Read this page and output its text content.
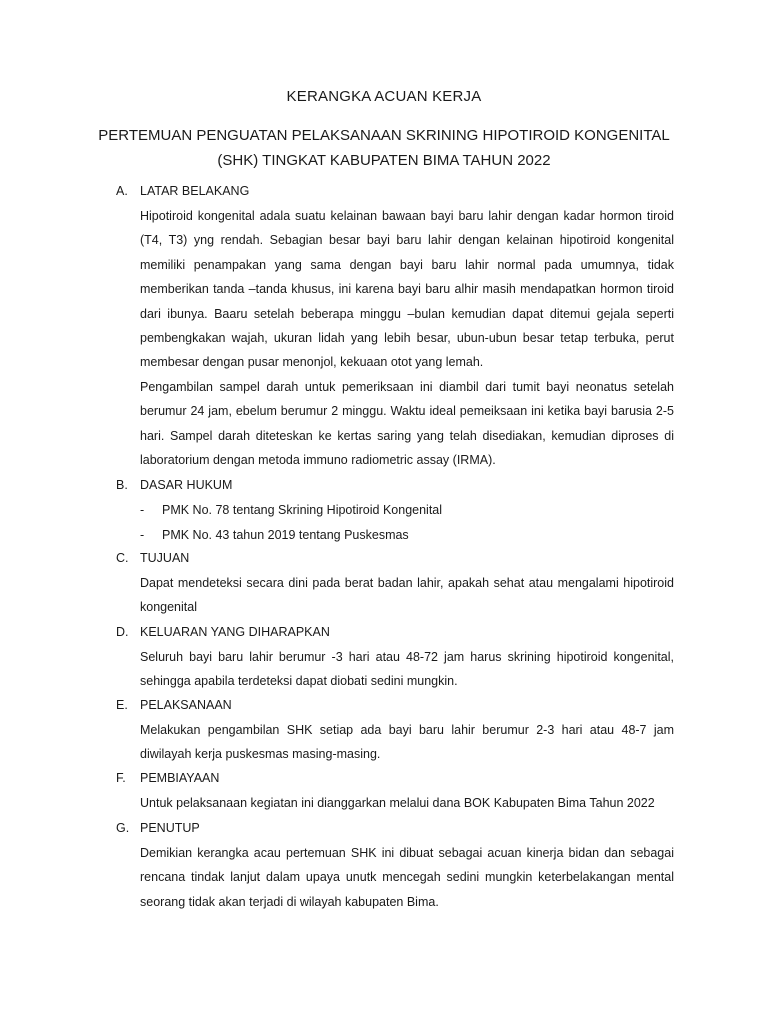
KERANGKA ACUAN KERJA
PERTEMUAN PENGUATAN PELAKSANAAN SKRINING HIPOTIROID KONGENITAL
(SHK) TINGKAT KABUPATEN BIMA TAHUN 2022
A. LATAR BELAKANG

Hipotiroid kongenital adala suatu kelainan bawaan bayi baru lahir dengan kadar hormon tiroid (T4, T3) yng rendah. Sebagian besar bayi baru lahir dengan kelainan hipotiroid kongenital memiliki penampakan yang sama dengan bayi baru lahir normal pada umumnya, tidak memberikan tanda –tanda khusus, ini karena bayi baru alhir masih mendapatkan hormon tiroid dari ibunya. Baaru setelah beberapa minggu –bulan kemudian dapat ditemui gejala seperti pembengkakan wajah, ukuran lidah yang lebih besar, ubun-ubun besar tetap terbuka, perut membesar dengan pusar menonjol, kekuaan otot yang lemah.

Pengambilan sampel darah untuk pemeriksaan ini diambil dari tumit bayi neonatus setelah berumur 24 jam, ebelum berumur 2 minggu. Waktu ideal pemeiksaan ini ketika bayi barusia 2-5 hari. Sampel darah diteteskan ke kertas saring yang telah disediakan, kemudian diproses di laboratorium dengan metoda immuno radiometric assay (IRMA).

B. DASAR HUKUM
-	PMK No. 78 tentang Skrining Hipotiroid Kongenital
-	PMK No. 43 tahun 2019 tentang Puskesmas
C. TUJUAN

Dapat mendeteksi secara dini pada berat badan lahir, apakah sehat atau mengalami hipotiroid kongenital

D. KELUARAN YANG DIHARAPKAN

Seluruh bayi baru lahir berumur -3 hari atau 48-72 jam harus skrining hipotiroid kongenital, sehingga apabila terdeteksi dapat diobati sedini mungkin.

E. PELAKSANAAN

Melakukan pengambilan SHK setiap ada bayi baru lahir berumur 2-3 hari atau 48-7 jam diwilayah kerja puskesmas masing-masing.

F.	PEMBIAYAAN

Untuk pelaksanaan kegiatan ini dianggarkan melalui dana BOK Kabupaten Bima Tahun 2022

G. PENUTUP

Demikian kerangka acau pertemuan SHK ini dibuat sebagai acuan kinerja bidan dan sebagai rencana tindak lanjut dalam upaya unutk mencegah sedini mungkin keterbelakangan mental seorang tidak akan terjadi di wilayah kabupaten Bima.
